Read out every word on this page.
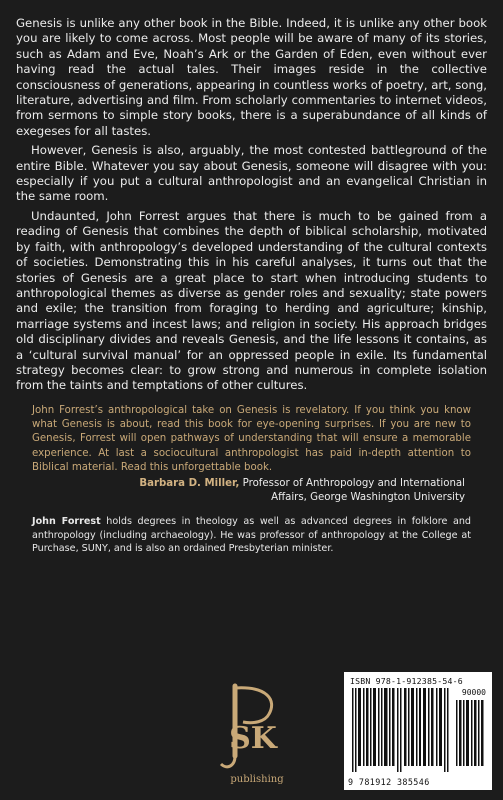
Genesis is unlike any other book in the Bible. Indeed, it is unlike any other book you are likely to come across. Most people will be aware of many of its stories, such as Adam and Eve, Noah’s Ark or the Garden of Eden, even without ever having read the actual tales. Their images reside in the collective consciousness of generations, appearing in countless works of poetry, art, song, literature, advertising and film. From scholarly commentaries to internet videos, from sermons to simple story books, there is a superabundance of all kinds of exegeses for all tastes.

However, Genesis is also, arguably, the most contested battleground of the entire Bible. Whatever you say about Genesis, someone will disagree with you: especially if you put a cultural anthropologist and an evangelical Christian in the same room.

Undaunted, John Forrest argues that there is much to be gained from a reading of Genesis that combines the depth of biblical scholarship, motivated by faith, with anthropology’s developed understanding of the cultural contexts of societies. Demonstrating this in his careful analyses, it turns out that the stories of Genesis are a great place to start when introducing students to anthropological themes as diverse as gender roles and sexuality; state powers and exile; the transition from foraging to herding and agriculture; kinship, marriage systems and incest laws; and religion in society. His approach bridges old disciplinary divides and reveals Genesis, and the life lessons it contains, as a ‘cultural survival manual’ for an oppressed people in exile. Its fundamental strategy becomes clear: to grow strong and numerous in complete isolation from the taints and temptations of other cultures.

John Forrest’s anthropological take on Genesis is revelatory. If you think you know what Genesis is about, read this book for eye-opening surprises. If you are new to Genesis, Forrest will open pathways of understanding that will ensure a memorable experience. At last a sociocultural anthropologist has paid in-depth attention to Biblical material. Read this unforgettable book.

Barbara D. Miller, Professor of Anthropology and International
Affairs, George Washington University
John Forrest holds degrees in theology as well as advanced degrees in folklore and anthropology (including archaeology). He was professor of anthropology at the College at Purchase, SUNY, and is also an ordained Presbyterian minister.
SK
publishing
ISBN 978-1-912385-54-6
90000
9 781912 385546
